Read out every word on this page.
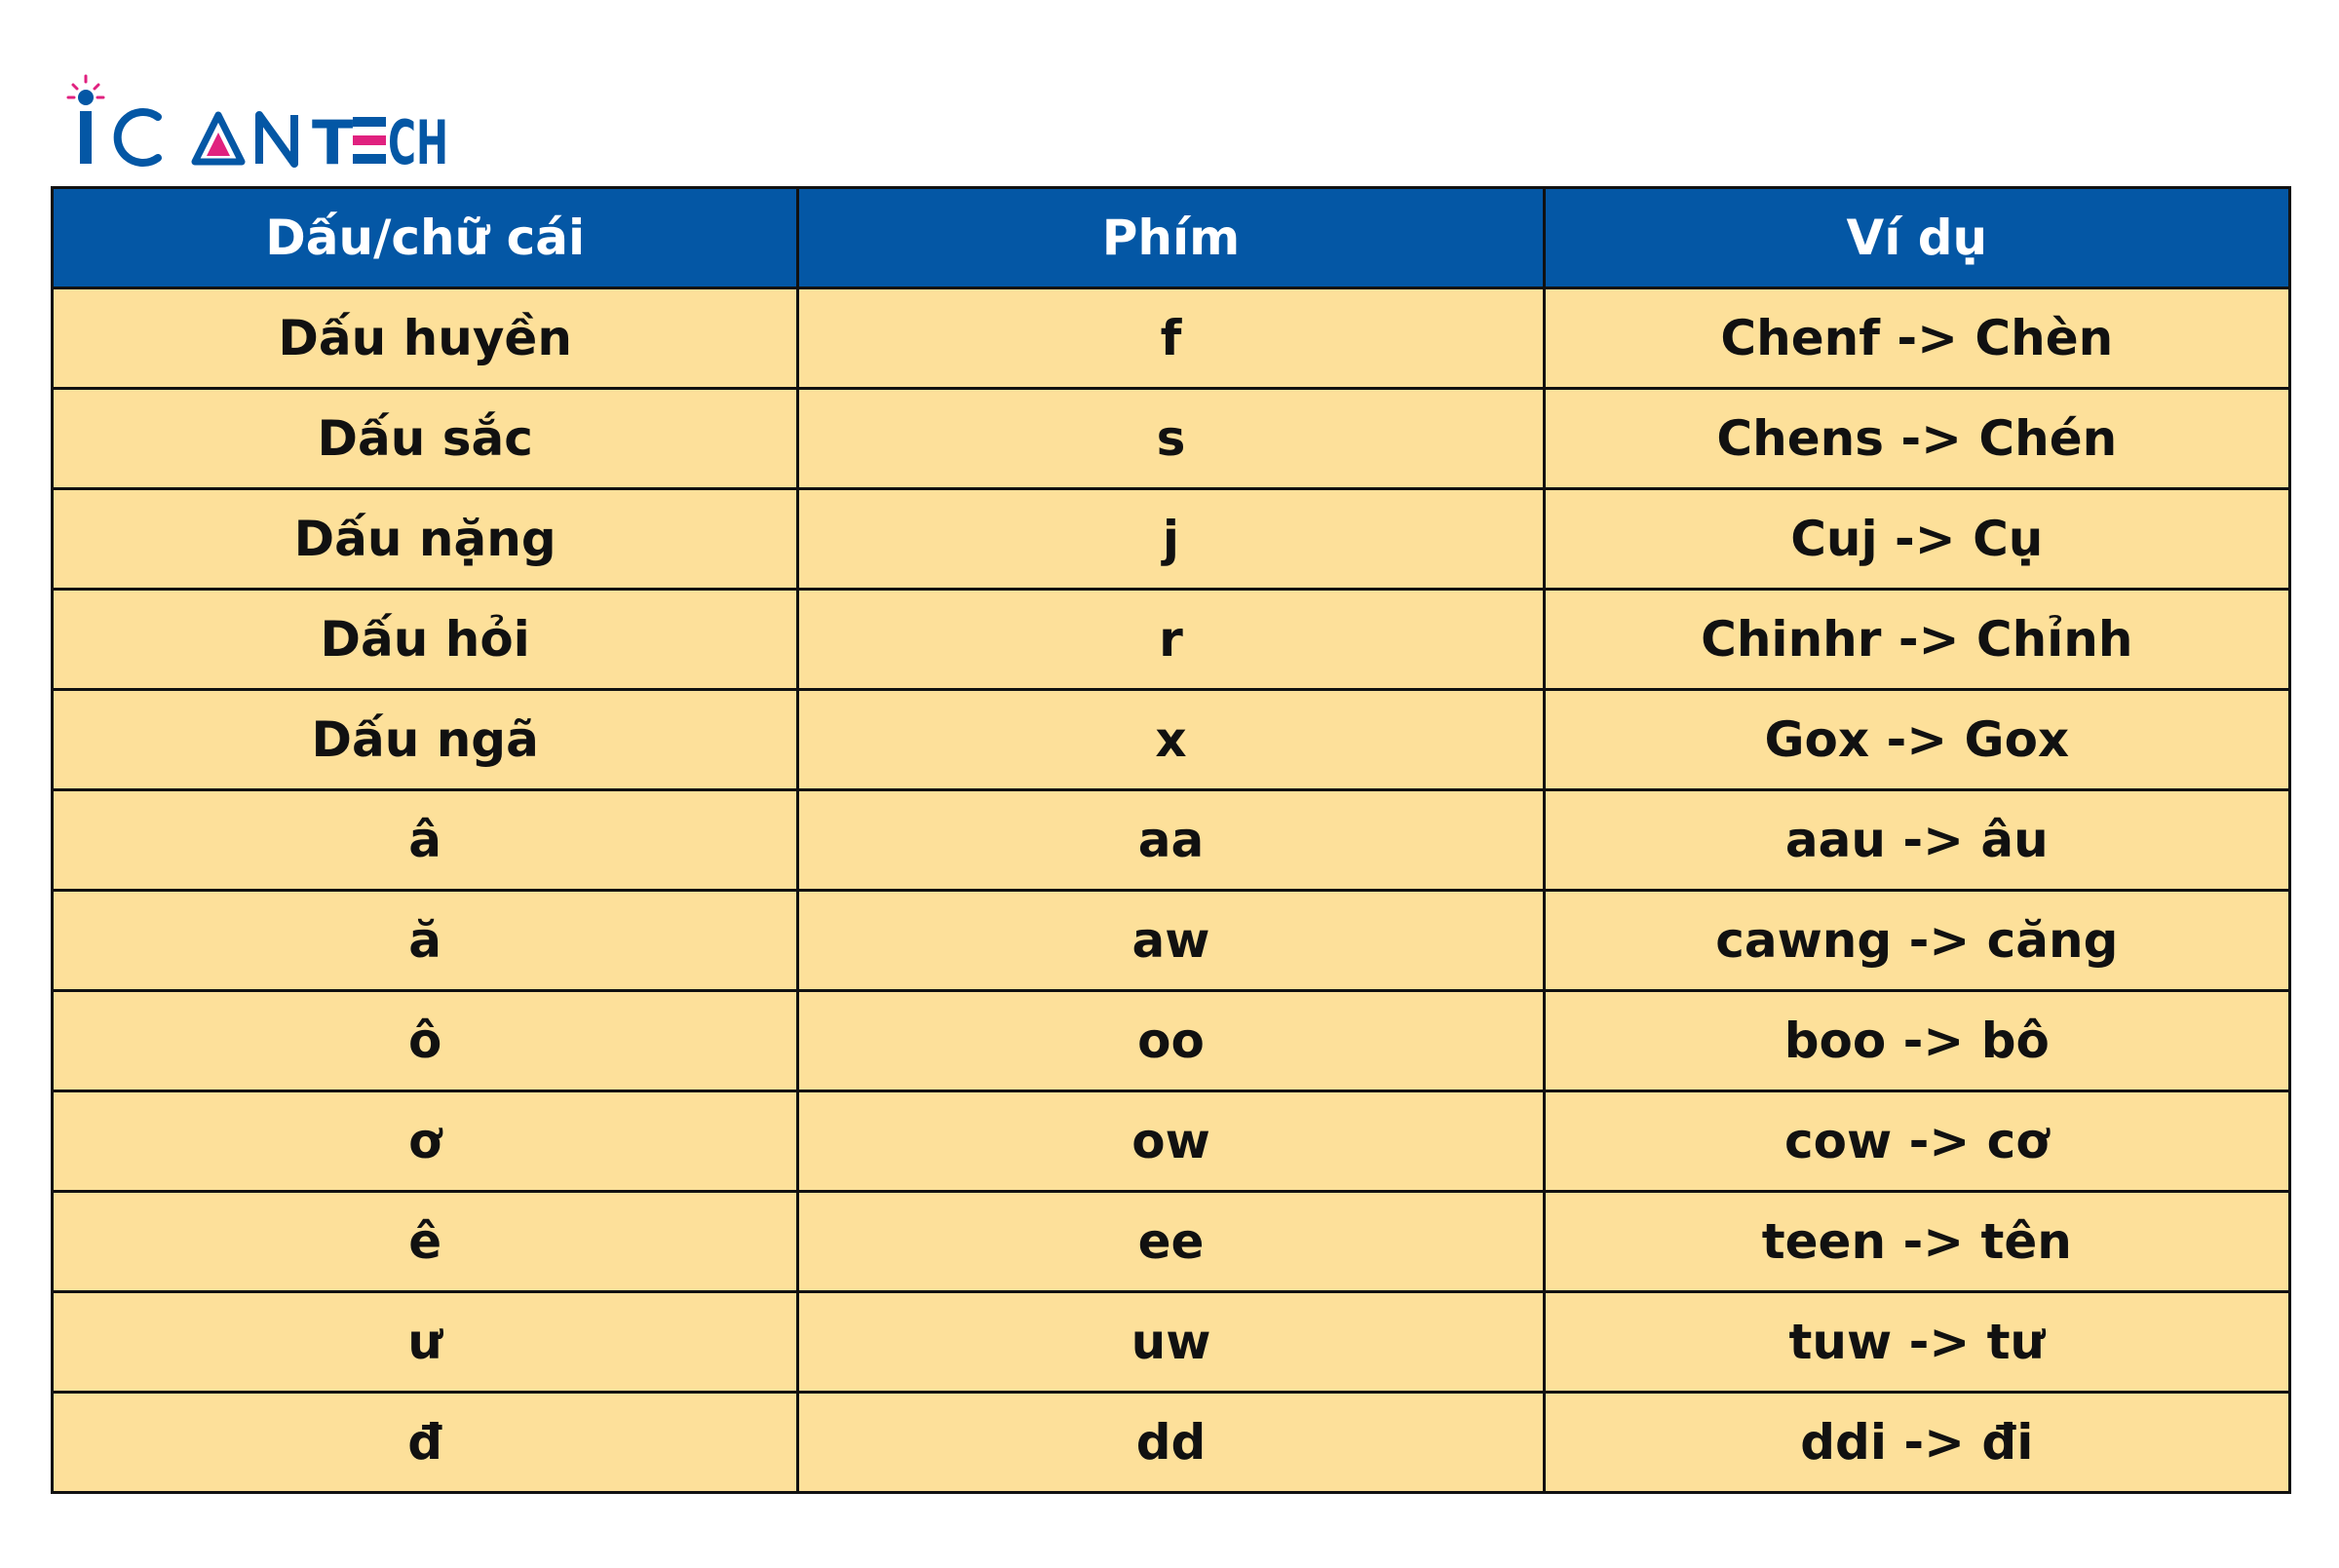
T CH
Dấu/chữ cái	Phím	Ví dụ
Dấu huyền	f	Chenf -> Chèn
Dấu sắc	s	Chens -> Chén
Dấu nặng	j	Cuj -> Cụ
Dấu hỏi	r	Chinhr -> Chỉnh
Dấu ngã	x	Gox -> Gox
â	aa	aau -> âu
ă	aw	cawng -> căng
ô	oo	boo -> bô
ơ	ow	cow -> cơ
ê	ee	teen -> tên
ư	uw	tuw -> tư
đ	dd	ddi -> đi
